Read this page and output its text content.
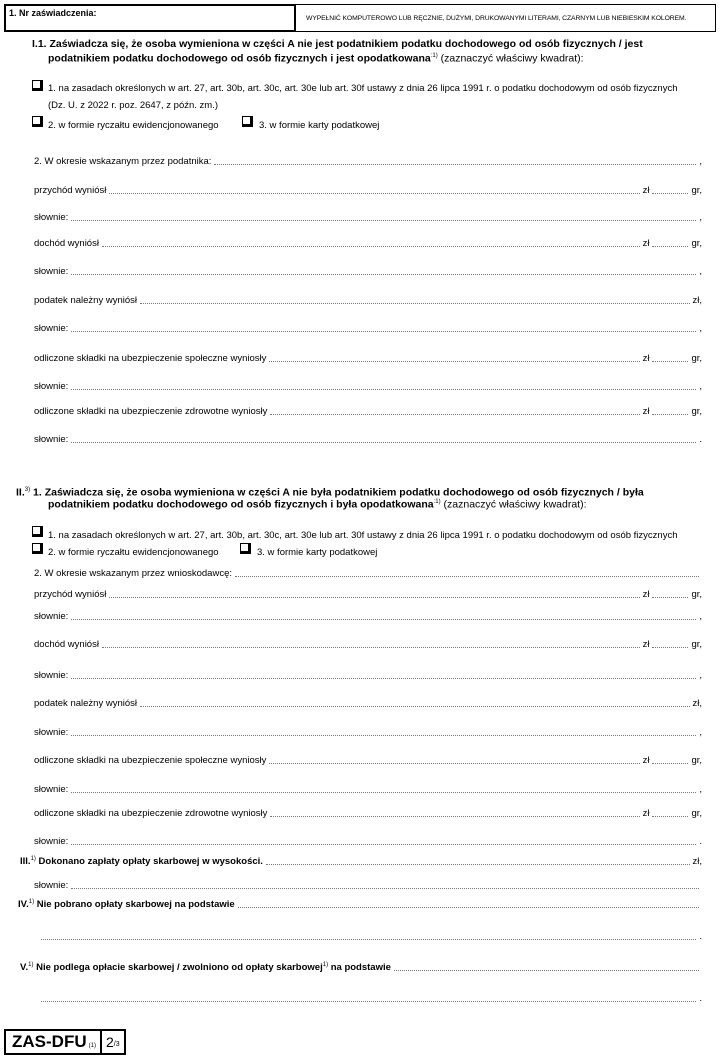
1. Nr zaświadczenia:
WYPEŁNIĆ KOMPUTEROWO LUB RĘCZNIE, DUŻYMI, DRUKOWANYMI LITERAMI, CZARNYM LUB NIEBIESKIM KOLOREM.
I.1. Zaświadcza się, że osoba wymieniona w części A nie jest podatnikiem podatku dochodowego od osób fizycznych / jest
podatnikiem podatku dochodowego od osób fizycznych i jest opodatkowana$^{:1)}$ (zaznaczyć właściwy kwadrat):
1. na zasadach określonych w art. 27, art. 30b, art. 30c, art. 30e lub art. 30f ustawy z dnia 26 lipca 1991 r. o podatku dochodowym od osób fizycznych
(Dz. U. z 2022 r. poz. 2647, z późn. zm.)
2. w formie ryczałtu ewidencjonowanego	3. w formie karty podatkowej
2. W okresie wskazanym przez podatnika:	,
przychód wyniósł	zł	gr,
słownie:	,
dochód wyniósł	zł	gr,
słownie:	,
podatek należny wyniósł	zł,
słownie:	,
odliczone składki na ubezpieczenie społeczne wyniosły	zł	gr,
słownie:	,
odliczone składki na ubezpieczenie zdrowotne wyniosły	zł	gr,
słownie:	.
II.$^{3)}$ 1. Zaświadcza się, że osoba wymieniona w części A nie była podatnikiem podatku dochodowego od osób fizycznych / była
podatnikiem podatku dochodowego od osób fizycznych i była opodatkowana$^{:1)}$ (zaznaczyć właściwy kwadrat):
1. na zasadach określonych w art. 27, art. 30b, art. 30c, art. 30e lub art. 30f ustawy z dnia 26 lipca 1991 r. o podatku dochodowym od osób fizycznych
2. w formie ryczałtu ewidencjonowanego	3. w formie karty podatkowej
2. W okresie wskazanym przez wnioskodawcę:
przychód wyniósł	zł	gr,
słownie:	,
dochód wyniósł	zł	gr,
słownie:	,
podatek należny wyniósł	zł,
słownie:	,
odliczone składki na ubezpieczenie społeczne wyniosły	zł	gr,
słownie:	,
odliczone składki na ubezpieczenie zdrowotne wyniosły	zł	gr,
słownie:	.
III.$^{1)}$ Dokonano zapłaty opłaty skarbowej w wysokości.	zł,
słownie:
IV.$^{1)}$ Nie pobrano opłaty skarbowej na podstawie
.
V.$^{1)}$ Nie podlega opłacie skarbowej / zwolniono od opłaty skarbowej$^{1)}$ na podstawie
.
ZAS-DFU (1) 2 /3
